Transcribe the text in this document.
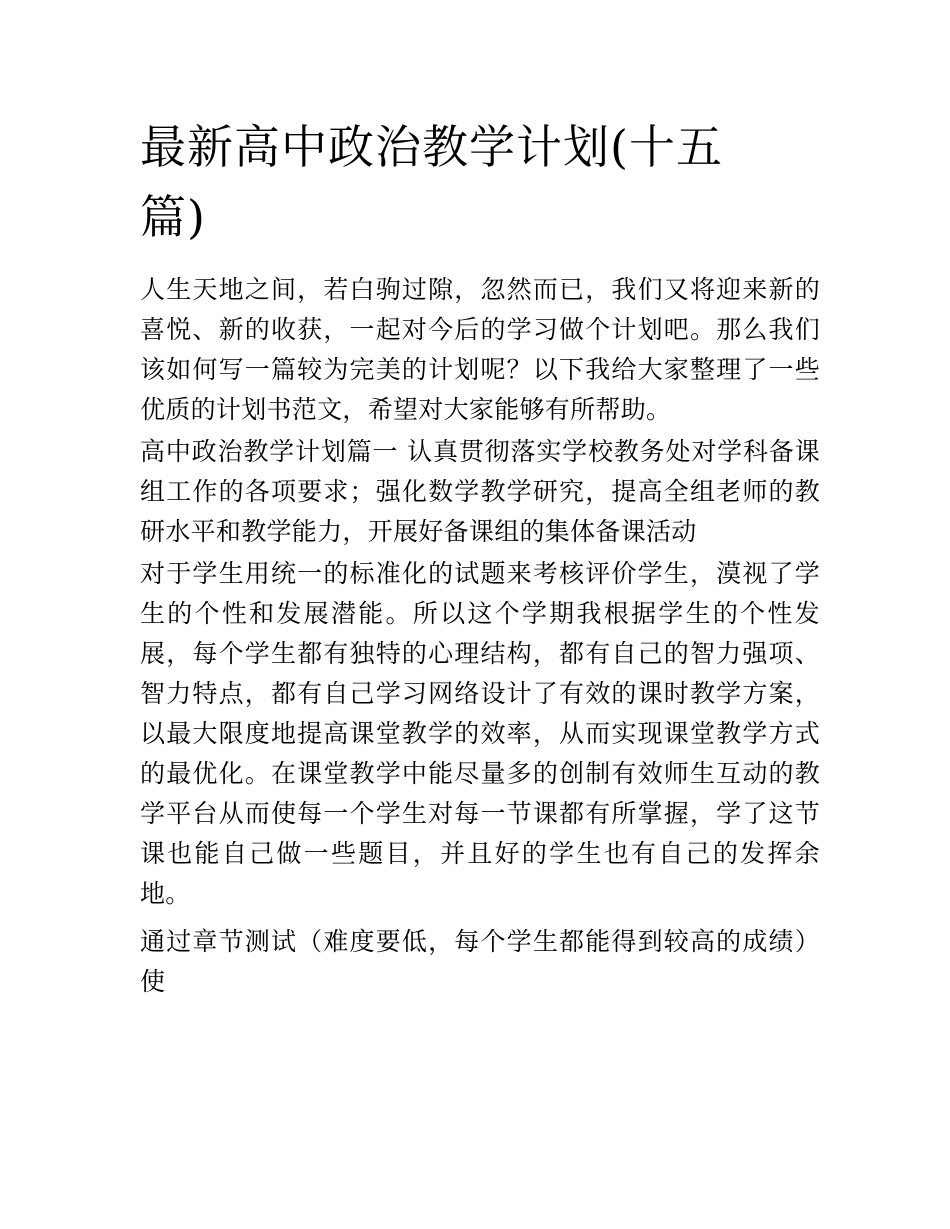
最新高中政治教学计划(十五篇)

人生天地之间，若白驹过隙，忽然而已，我们又将迎来新的喜悦、新的收获，一起对今后的学习做个计划吧。那么我们该如何写一篇较为完美的计划呢？以下我给大家整理了一些优质的计划书范文，希望对大家能够有所帮助。

高中政治教学计划篇一 认真贯彻落实学校教务处对学科备课组工作的各项要求；强化数学教学研究，提高全组老师的教研水平和教学能力，开展好备课组的集体备课活动

对于学生用统一的标准化的试题来考核评价学生，漠视了学生的个性和发展潜能。所以这个学期我根据学生的个性发展，每个学生都有独特的心理结构，都有自己的智力强项、智力特点，都有自己学习网络设计了有效的课时教学方案，以最大限度地提高课堂教学的效率，从而实现课堂教学方式的最优化。在课堂教学中能尽量多的创制有效师生互动的教学平台从而使每一个学生对每一节课都有所掌握，学了这节课也能自己做一些题目，并且好的学生也有自己的发挥余地。

通过章节测试（难度要低，每个学生都能得到较高的成绩）使
